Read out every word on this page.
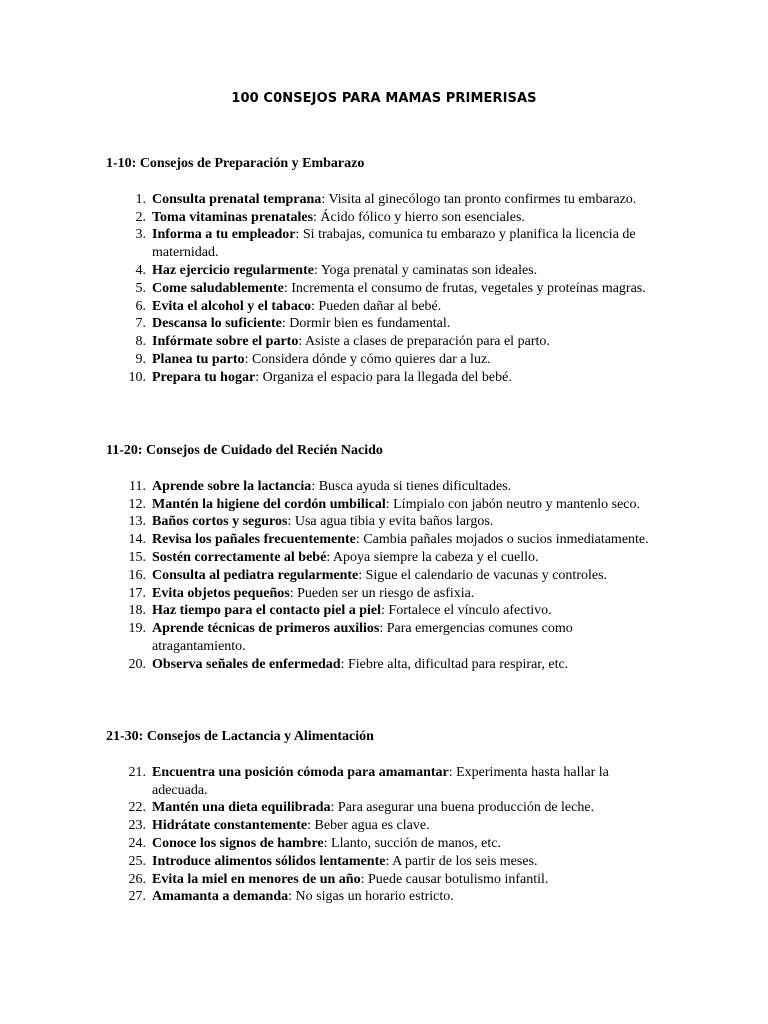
100 C0NSEJOS PARA MAMAS PRIMERISAS
1-10: Consejos de Preparación y Embarazo
1. Consulta prenatal temprana: Visita al ginecólogo tan pronto confirmes tu embarazo.
2. Toma vitaminas prenatales: Ácido fólico y hierro son esenciales.
3. Informa a tu empleador: Si trabajas, comunica tu embarazo y planifica la licencia de maternidad.
4. Haz ejercicio regularmente: Yoga prenatal y caminatas son ideales.
5. Come saludablemente: Incrementa el consumo de frutas, vegetales y proteínas magras.
6. Evita el alcohol y el tabaco: Pueden dañar al bebé.
7. Descansa lo suficiente: Dormir bien es fundamental.
8. Infórmate sobre el parto: Asiste a clases de preparación para el parto.
9. Planea tu parto: Considera dónde y cómo quieres dar a luz.
10. Prepara tu hogar: Organiza el espacio para la llegada del bebé.
11-20: Consejos de Cuidado del Recién Nacido
11. Aprende sobre la lactancia: Busca ayuda si tienes dificultades.
12. Mantén la higiene del cordón umbilical: Límpialo con jabón neutro y mantenlo seco.
13. Baños cortos y seguros: Usa agua tibia y evita baños largos.
14. Revisa los pañales frecuentemente: Cambia pañales mojados o sucios inmediatamente.
15. Sostén correctamente al bebé: Apoya siempre la cabeza y el cuello.
16. Consulta al pediatra regularmente: Sigue el calendario de vacunas y controles.
17. Evita objetos pequeños: Pueden ser un riesgo de asfixia.
18. Haz tiempo para el contacto piel a piel: Fortalece el vínculo afectivo.
19. Aprende técnicas de primeros auxilios: Para emergencias comunes como atragantamiento.
20. Observa señales de enfermedad: Fiebre alta, dificultad para respirar, etc.
21-30: Consejos de Lactancia y Alimentación
21. Encuentra una posición cómoda para amamantar: Experimenta hasta hallar la adecuada.
22. Mantén una dieta equilibrada: Para asegurar una buena producción de leche.
23. Hidrátate constantemente: Beber agua es clave.
24. Conoce los signos de hambre: Llanto, succión de manos, etc.
25. Introduce alimentos sólidos lentamente: A partir de los seis meses.
26. Evita la miel en menores de un año: Puede causar botulismo infantil.
27. Amamanta a demanda: No sigas un horario estricto.
